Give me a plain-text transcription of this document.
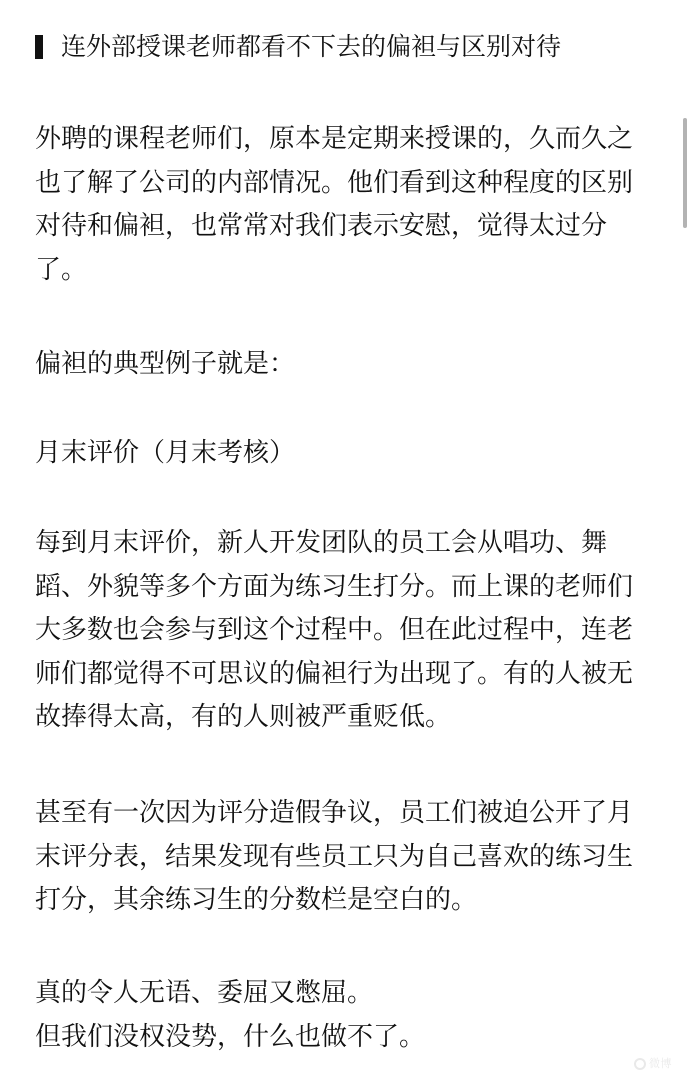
连外部授课老师都看不下去的偏袒与区别对待

外聘的课程老师们，原本是定期来授课的，久而久之
也了解了公司的内部情况。他们看到这种程度的区别
对待和偏袒，也常常对我们表示安慰，觉得太过分
了。

偏袒的典型例子就是：

月末评价（月末考核）

每到月末评价，新人开发团队的员工会从唱功、舞
蹈、外貌等多个方面为练习生打分。而上课的老师们
大多数也会参与到这个过程中。但在此过程中，连老
师们都觉得不可思议的偏袒行为出现了。有的人被无
故捧得太高，有的人则被严重贬低。

甚至有一次因为评分造假争议，员工们被迫公开了月
末评分表，结果发现有些员工只为自己喜欢的练习生
打分，其余练习生的分数栏是空白的。

真的令人无语、委屈又憋屈。
但我们没权没势，什么也做不了。

微博
